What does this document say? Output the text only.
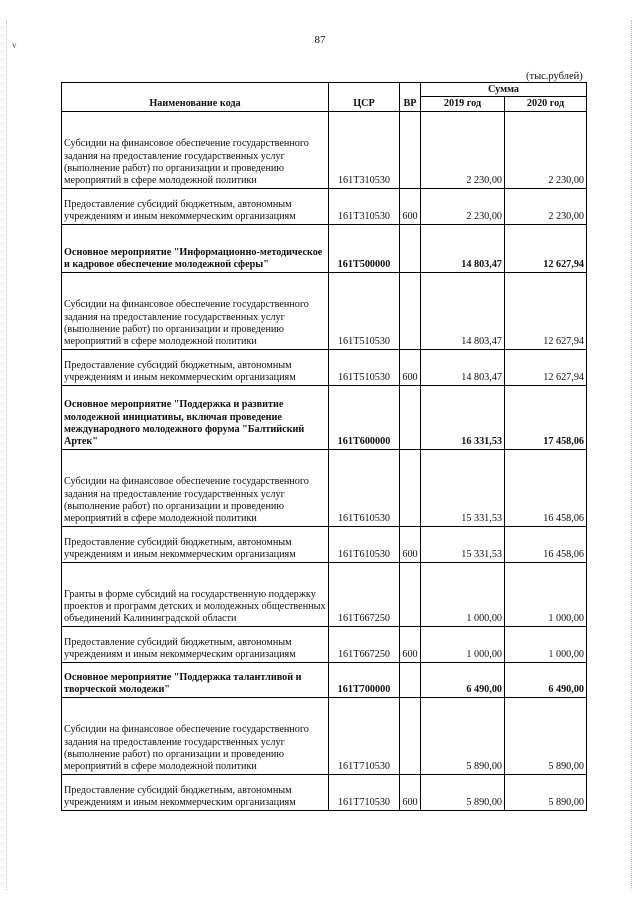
v	87
(тыс.рублей)
Наименование кода	ЦСР	ВР	Сумма	
			2019 год	2020 год
Субсидии на финансовое обеспечение государственного задания на предоставление государственных услуг (выполнение работ) по организации и проведению мероприятий в сфере молодежной политики	161T310530		2 230,00	2 230,00
Предоставление субсидий бюджетным, автономным учреждениям и иным некоммерческим организациям	161T310530	600	2 230,00	2 230,00
Основное мероприятие "Информационно-методическое и кадровое обеспечение молодежной сферы"	161T500000		14 803,47	12 627,94
Субсидии на финансовое обеспечение государственного задания на предоставление государственных услуг (выполнение работ) по организации и проведению мероприятий в сфере молодежной политики	161T510530		14 803,47	12 627,94
Предоставление субсидий бюджетным, автономным учреждениям и иным некоммерческим организациям	161T510530	600	14 803,47	12 627,94
Основное мероприятие "Поддержка и развитие молодежной инициативы, включая проведение международного молодежного форума "Балтийский Артек"	161T600000		16 331,53	17 458,06
Субсидии на финансовое обеспечение государственного задания на предоставление государственных услуг (выполнение работ) по организации и проведению мероприятий в сфере молодежной политики	161T610530		15 331,53	16 458,06
Предоставление субсидий бюджетным, автономным учреждениям и иным некоммерческим организациям	161T610530	600	15 331,53	16 458,06
Гранты в форме субсидий на государственную поддержку проектов и программ детских и молодежных общественных объединений Калининградской области	161T667250		1 000,00	1 000,00
Предоставление субсидий бюджетным, автономным учреждениям и иным некоммерческим организациям	161T667250	600	1 000,00	1 000,00
Основное мероприятие "Поддержка талантливой и творческой молодежи"	161T700000		6 490,00	6 490,00
Субсидии на финансовое обеспечение государственного задания на предоставление государственных услуг (выполнение работ) по организации и проведению мероприятий в сфере молодежной политики	161T710530		5 890,00	5 890,00
Предоставление субсидий бюджетным, автономным учреждениям и иным некоммерческим организациям	161T710530	600	5 890,00	5 890,00
